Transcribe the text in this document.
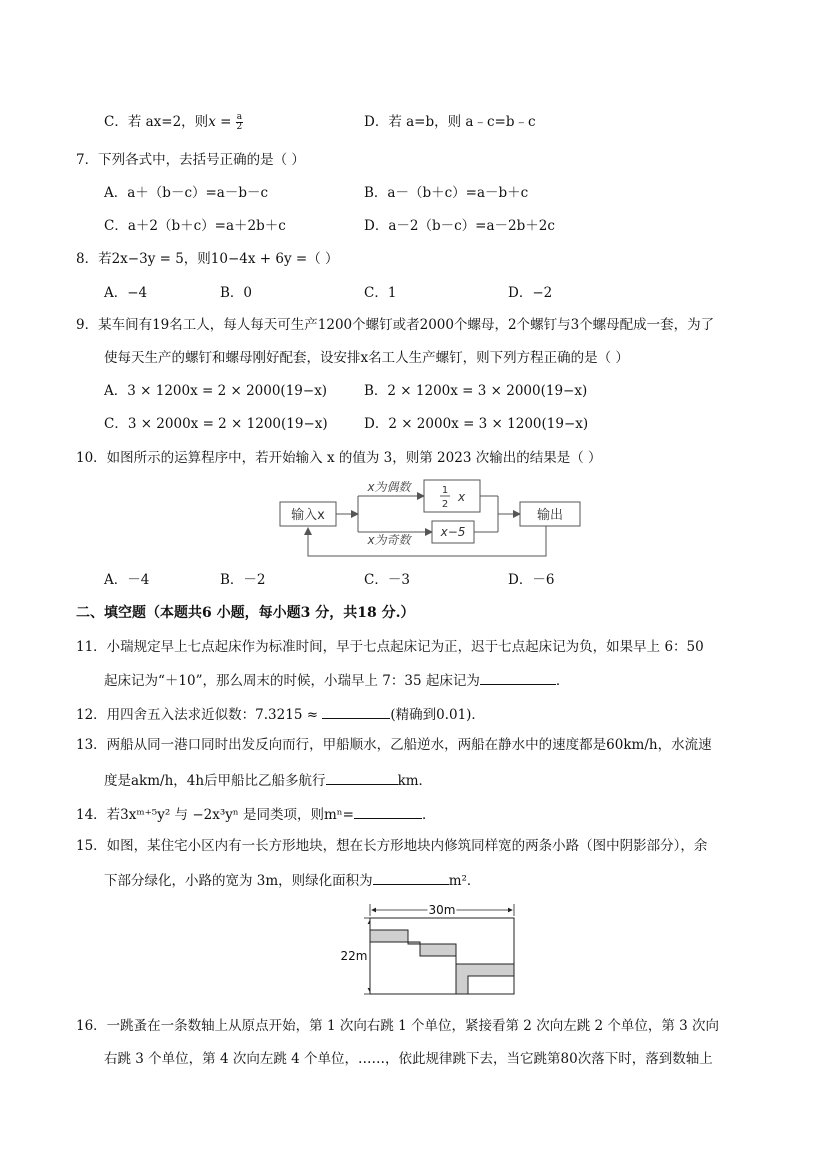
C．若 ax=2，则$x = \frac{a}{2}$	D．若 a=b，则 a﹣c=b﹣c
7．下列各式中，去括号正确的是（ ）
A．a＋（b－c）=a－b－c	B．a－（b＋c）=a－b＋c
C．a＋2（b＋c）=a＋2b＋c	D．a－2（b－c）=a－2b＋2c
8．若2x−3y = 5，则10−4x + 6y =（ ）
A．−4	B．0	C．1	D．−2
9．某车间有19名工人，每人每天可生产1200个螺钉或者2000个螺母，2个螺钉与3个螺母配成一套，为了
使每天生产的螺钉和螺母刚好配套，设安排x名工人生产螺钉，则下列方程正确的是（ ）
A．3 × 1200x = 2 × 2000(19−x)	B．2 × 1200x = 3 × 2000(19−x)
C．3 × 2000x = 2 × 1200(19−x)	D．2 × 2000x = 3 × 1200(19−x)
10．如图所示的运算程序中，若开始输入 x 的值为 3，则第 2023 次输出的结果是（ ）
输入x
x为偶数	1
2
x
x为奇数
x−5
输出
A．－4	B．－2	C．－3	D．－6
二、填空题（本题共6 小题，每小题3 分，共18 分.）
11．小瑞规定早上七点起床作为标准时间，早于七点起床记为正，迟于七点起床记为负，如果早上 6：50
起床记为“＋10”，那么周末的时候，小瑞早上 7：35 起床记为	．
12．用四舍五入法求近似数：7.3215 ≈	(精确到0.01)．
13．两船从同一港口同时出发反向而行，甲船顺水，乙船逆水，两船在静水中的速度都是60km/h，水流速
度是akm/h，4h后甲船比乙船多航行	km．
14．若3xᵐ⁺⁵y² 与 −2x³yⁿ 是同类项，则mⁿ=	．
15．如图，某住宅小区内有一长方形地块，想在长方形地块内修筑同样宽的两条小路（图中阴影部分），余
下部分绿化，小路的宽为 3m，则绿化面积为	m²．
30m
22m
16．一跳蚤在一条数轴上从原点开始，第 1 次向右跳 1 个单位，紧接看第 2 次向左跳 2 个单位，第 3 次向
右跳 3 个单位，第 4 次向左跳 4 个单位，……，依此规律跳下去，当它跳第80次落下时，落到数轴上
